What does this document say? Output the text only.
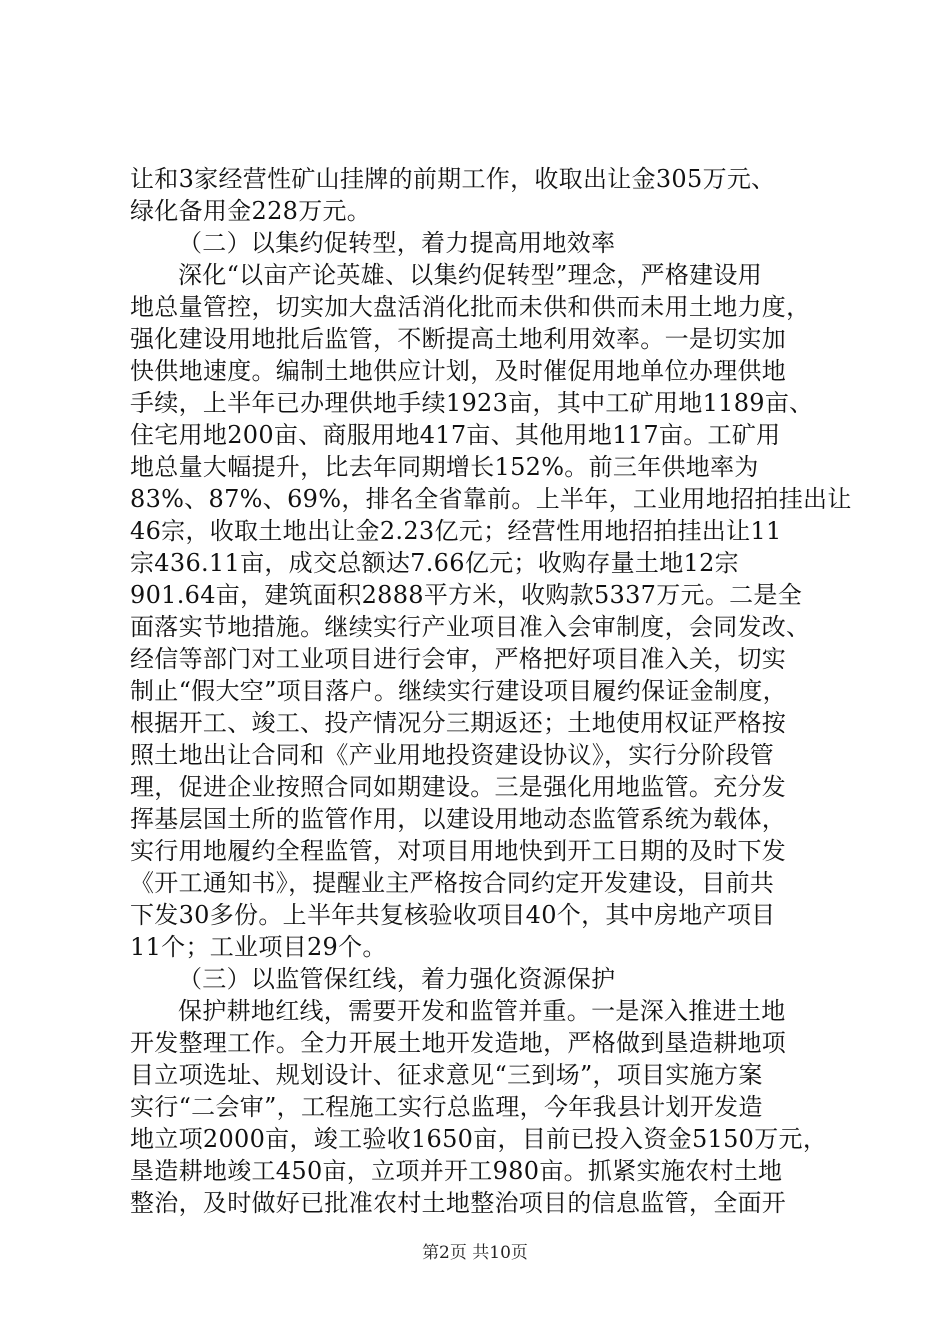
让和3家经营性矿山挂牌的前期工作，收取出让金305万元、
绿化备用金228万元。
（二）以集约促转型，着力提高用地效率
深化“以亩产论英雄、以集约促转型”理念，严格建设用
地总量管控，切实加大盘活消化批而未供和供而未用土地力度，
强化建设用地批后监管，不断提高土地利用效率。一是切实加
快供地速度。编制土地供应计划，及时催促用地单位办理供地
手续，上半年已办理供地手续1923亩，其中工矿用地1189亩、
住宅用地200亩、商服用地417亩、其他用地117亩。工矿用
地总量大幅提升，比去年同期增长152%。前三年供地率为
83%、87%、69%，排名全省靠前。上半年，工业用地招拍挂出让
46宗，收取土地出让金2.23亿元；经营性用地招拍挂出让11
宗436.11亩，成交总额达7.66亿元；收购存量土地12宗
901.64亩，建筑面积2888平方米，收购款5337万元。二是全
面落实节地措施。继续实行产业项目准入会审制度，会同发改、
经信等部门对工业项目进行会审，严格把好项目准入关，切实
制止“假大空”项目落户。继续实行建设项目履约保证金制度，
根据开工、竣工、投产情况分三期返还；土地使用权证严格按
照土地出让合同和《产业用地投资建设协议》，实行分阶段管
理，促进企业按照合同如期建设。三是强化用地监管。充分发
挥基层国土所的监管作用，以建设用地动态监管系统为载体，
实行用地履约全程监管，对项目用地快到开工日期的及时下发
《开工通知书》，提醒业主严格按合同约定开发建设，目前共
下发30多份。上半年共复核验收项目40个，其中房地产项目
11个；工业项目29个。
（三）以监管保红线，着力强化资源保护
保护耕地红线，需要开发和监管并重。一是深入推进土地
开发整理工作。全力开展土地开发造地，严格做到垦造耕地项
目立项选址、规划设计、征求意见“三到场”，项目实施方案
实行“二会审”，工程施工实行总监理，今年我县计划开发造
地立项2000亩，竣工验收1650亩，目前已投入资金5150万元，
垦造耕地竣工450亩，立项并开工980亩。抓紧实施农村土地
整治，及时做好已批准农村土地整治项目的信息监管，全面开
第2页 共10页
